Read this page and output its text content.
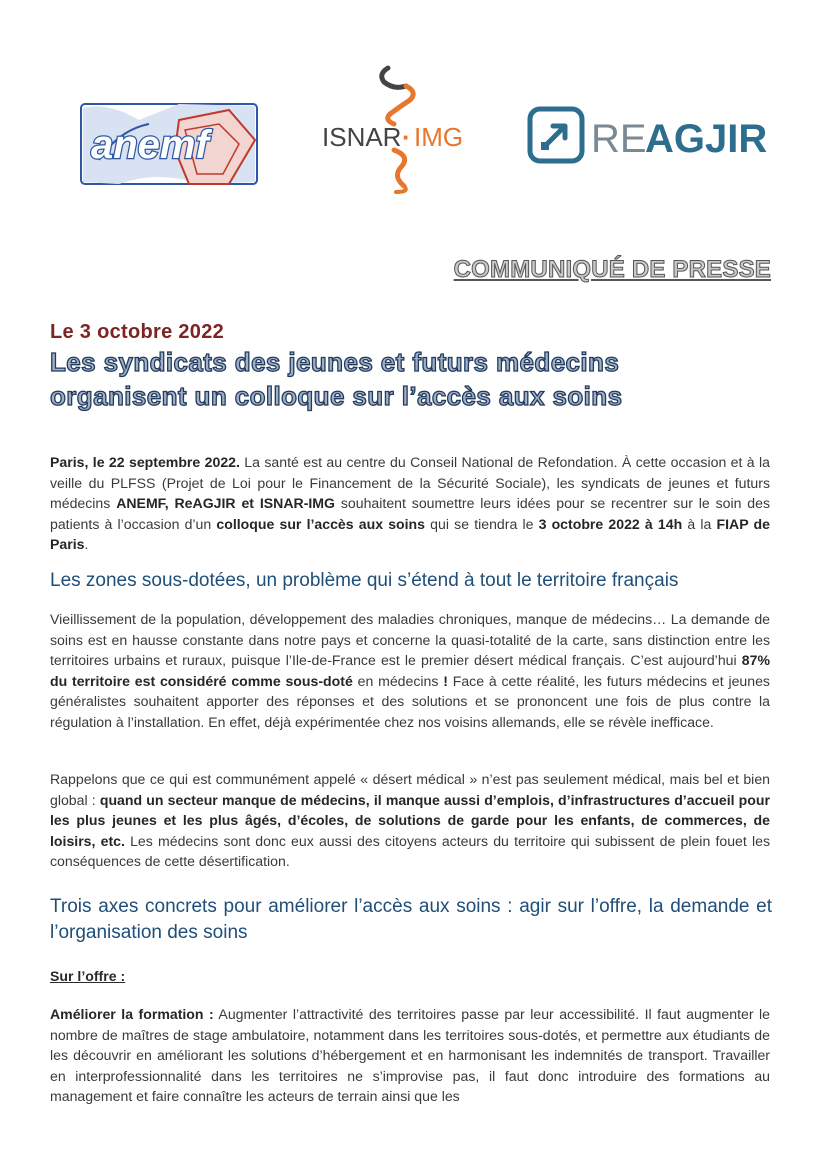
anemf	ISNAR · IMG	RE
AGJIR
COMMUNIQUÉ DE PRESSE
Le 3 octobre 2022
Les syndicats des jeunes et futurs médecins
organisent un colloque sur l’accès aux soins

Paris, le 22 septembre 2022. La santé est au centre du Conseil National de Refondation. À cette occasion et à la veille du PLFSS (Projet de Loi pour le Financement de la Sécurité Sociale), les syndicats de jeunes et futurs médecins ANEMF, ReAGJIR et ISNAR-IMG souhaitent soumettre leurs idées pour se recentrer sur le soin des patients à l’occasion d’un colloque sur l’accès aux soins qui se tiendra le 3 octobre 2022 à 14h à la FIAP de Paris.

Les zones sous-dotées, un problème qui s’étend à tout le territoire français

Vieillissement de la population, développement des maladies chroniques, manque de médecins… La demande de soins est en hausse constante dans notre pays et concerne la quasi-totalité de la carte, sans distinction entre les territoires urbains et ruraux, puisque l’Ile-de-France est le premier désert médical français. C’est aujourd’hui 87% du territoire est considéré comme sous-doté en médecins ! Face à cette réalité, les futurs médecins et jeunes généralistes souhaitent apporter des réponses et des solutions et se prononcent une fois de plus contre la régulation à l’installation. En effet, déjà expérimentée chez nos voisins allemands, elle se révèle inefficace.

Rappelons que ce qui est communément appelé « désert médical » n’est pas seulement médical, mais bel et bien global : quand un secteur manque de médecins, il manque aussi d’emplois, d’infrastructures d’accueil pour les plus jeunes et les plus âgés, d’écoles, de solutions de garde pour les enfants, de commerces, de loisirs, etc. Les médecins sont donc eux aussi des citoyens acteurs du territoire qui subissent de plein fouet les conséquences de cette désertification.

Trois axes concrets pour améliorer l’accès aux soins : agir sur l’offre, la demande et l’organisation des soins

Sur l’offre :

Améliorer la formation : Augmenter l’attractivité des territoires passe par leur accessibilité. Il faut augmenter le nombre de maîtres de stage ambulatoire, notamment dans les territoires sous-dotés, et permettre aux étudiants de les découvrir en améliorant les solutions d’hébergement et en harmonisant les indemnités de transport. Travailler en interprofessionnalité dans les territoires ne s’improvise pas, il faut donc introduire des formations au management et faire connaître les acteurs de terrain ainsi que les
